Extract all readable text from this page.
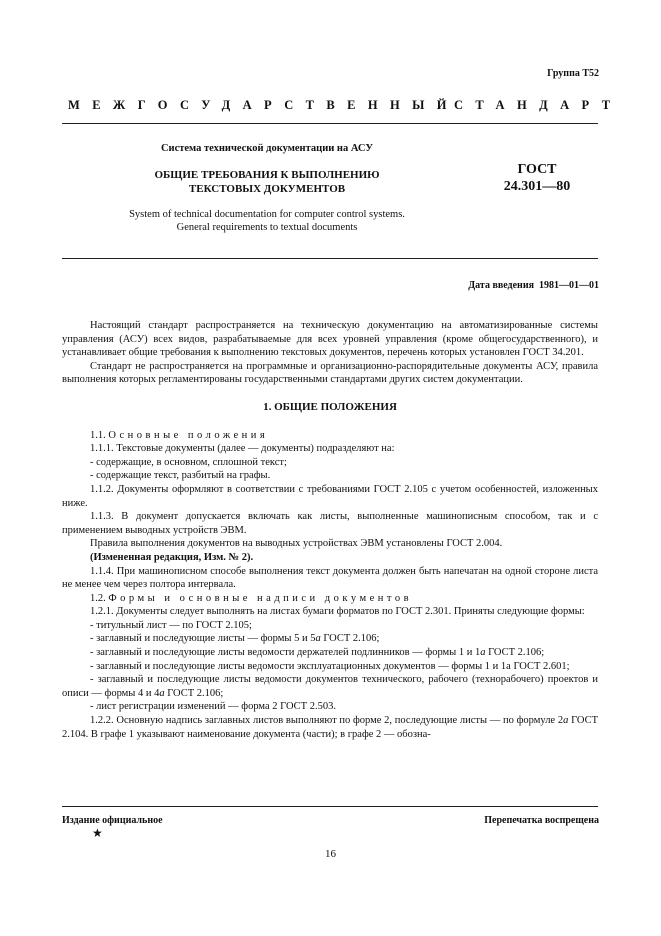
Группа Т52
МЕЖГОСУДАРСТВЕННЫЙ
СТАНДАРТ
Система технической документации на АСУ
ОБЩИЕ ТРЕБОВАНИЯ К ВЫПОЛНЕНИЮ
ТЕКСТОВЫХ ДОКУМЕНТОВ
System of technical documentation for computer control systems.
General requirements to textual documents
ГОСТ
24.301—80
Дата введения 1981—01—01

Настоящий стандарт распространяется на техническую документацию на автоматизированные системы управления (АСУ) всех видов, разрабатываемые для всех уровней управления (кроме общегосударственного), и устанавливает общие требования к выполнению текстовых документов, перечень которых установлен ГОСТ 34.201.

Стандарт не распространяется на программные и организационно-распорядительные документы АСУ, правила выполнения которых регламентированы государственными стандартами других систем документации.

1. ОБЩИЕ ПОЛОЖЕНИЯ

1.1. Основные положения

1.1.1. Текстовые документы (далее — документы) подразделяют на:

- содержащие, в основном, сплошной текст;

- содержащие текст, разбитый на графы.

1.1.2. Документы оформляют в соответствии с требованиями ГОСТ 2.105 с учетом особенностей, изложенных ниже.

1.1.3. В документ допускается включать как листы, выполненные машинописным способом, так и с применением выводных устройств ЭВМ.

Правила выполнения документов на выводных устройствах ЭВМ установлены ГОСТ 2.004.

(Измененная редакция, Изм. № 2).

1.1.4. При машинописном способе выполнения текст документа должен быть напечатан на одной стороне листа не менее чем через полтора интервала.

1.2. Формы и основные надписи документов

1.2.1. Документы следует выполнять на листах бумаги форматов по ГОСТ 2.301. Приняты следующие формы:

- титульный лист — по ГОСТ 2.105;

- заглавный и последующие листы — формы 5 и 5а ГОСТ 2.106;

- заглавный и последующие листы ведомости держателей подлинников — формы 1 и 1а ГОСТ 2.106;

- заглавный и последующие листы ведомости эксплуатационных документов — формы 1 и 1а ГОСТ 2.601;

- заглавный и последующие листы ведомости документов технического, рабочего (технорабочего) проектов и описи — формы 4 и 4а ГОСТ 2.106;

- лист регистрации изменений — форма 2 ГОСТ 2.503.

1.2.2. Основную надпись заглавных листов выполняют по форме 2, последующие листы — по формуле 2а ГОСТ 2.104. В графе 1 указывают наименование документа (части); в графе 2 — обозна-

Издание официальное	Перепечатка воспрещена
★
16
